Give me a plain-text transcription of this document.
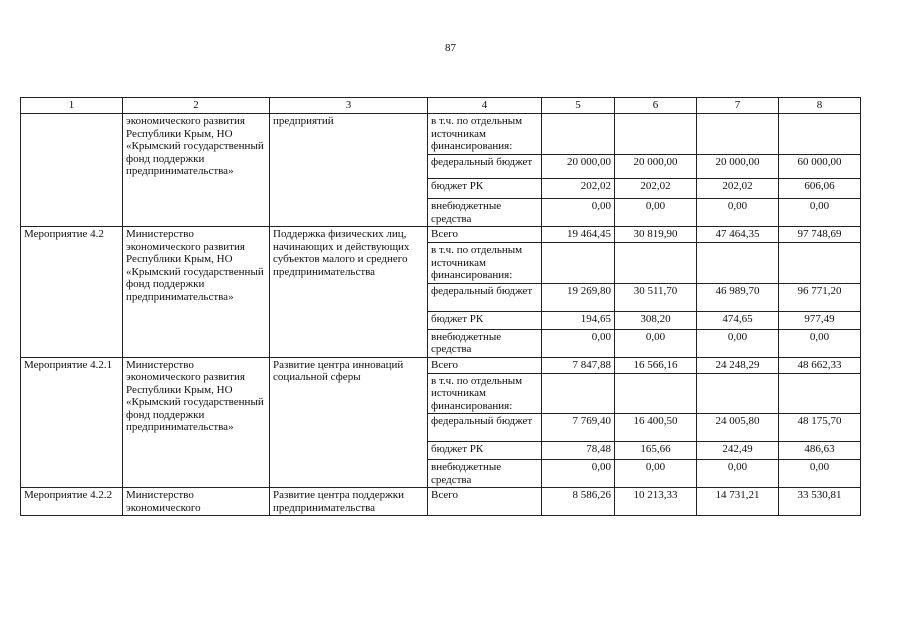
87
1	2	3	4	5	6	7	8
	экономического развития Республики Крым, НО «Крымский государственный фонд поддержки предпринимательства»	предприятий	в т.ч. по отдельным источникам финансирования:				
			федеральный бюджет	20 000,00	20 000,00	20 000,00	60 000,00
			бюджет РК	202,02	202,02	202,02	606,06
			внебюджетные средства	0,00	0,00	0,00	0,00
Мероприятие 4.2	Министерство экономического развития Республики Крым, НО «Крымский государственный фонд поддержки предпринимательства»	Поддержка физических лиц, начинающих и действующих субъектов малого и среднего предпринимательства	Всего	19 464,45	30 819,90	47 464,35	97 748,69
			в т.ч. по отдельным источникам финансирования:				
			федеральный бюджет	19 269,80	30 511,70	46 989,70	96 771,20
			бюджет РК	194,65	308,20	474,65	977,49
			внебюджетные средства	0,00	0,00	0,00	0,00
Мероприятие 4.2.1	Министерство экономического развития Республики Крым, НО «Крымский государственный фонд поддержки предпринимательства»	Развитие центра инноваций социальной сферы	Всего	7 847,88	16 566,16	24 248,29	48 662,33
			в т.ч. по отдельным источникам финансирования:				
			федеральный бюджет	7 769,40	16 400,50	24 005,80	48 175,70
			бюджет РК	78,48	165,66	242,49	486,63
			внебюджетные средства	0,00	0,00	0,00	0,00
Мероприятие 4.2.2	Министерство экономического	Развитие центра поддержки предпринимательства	Всего	8 586,26	10 213,33	14 731,21	33 530,81
